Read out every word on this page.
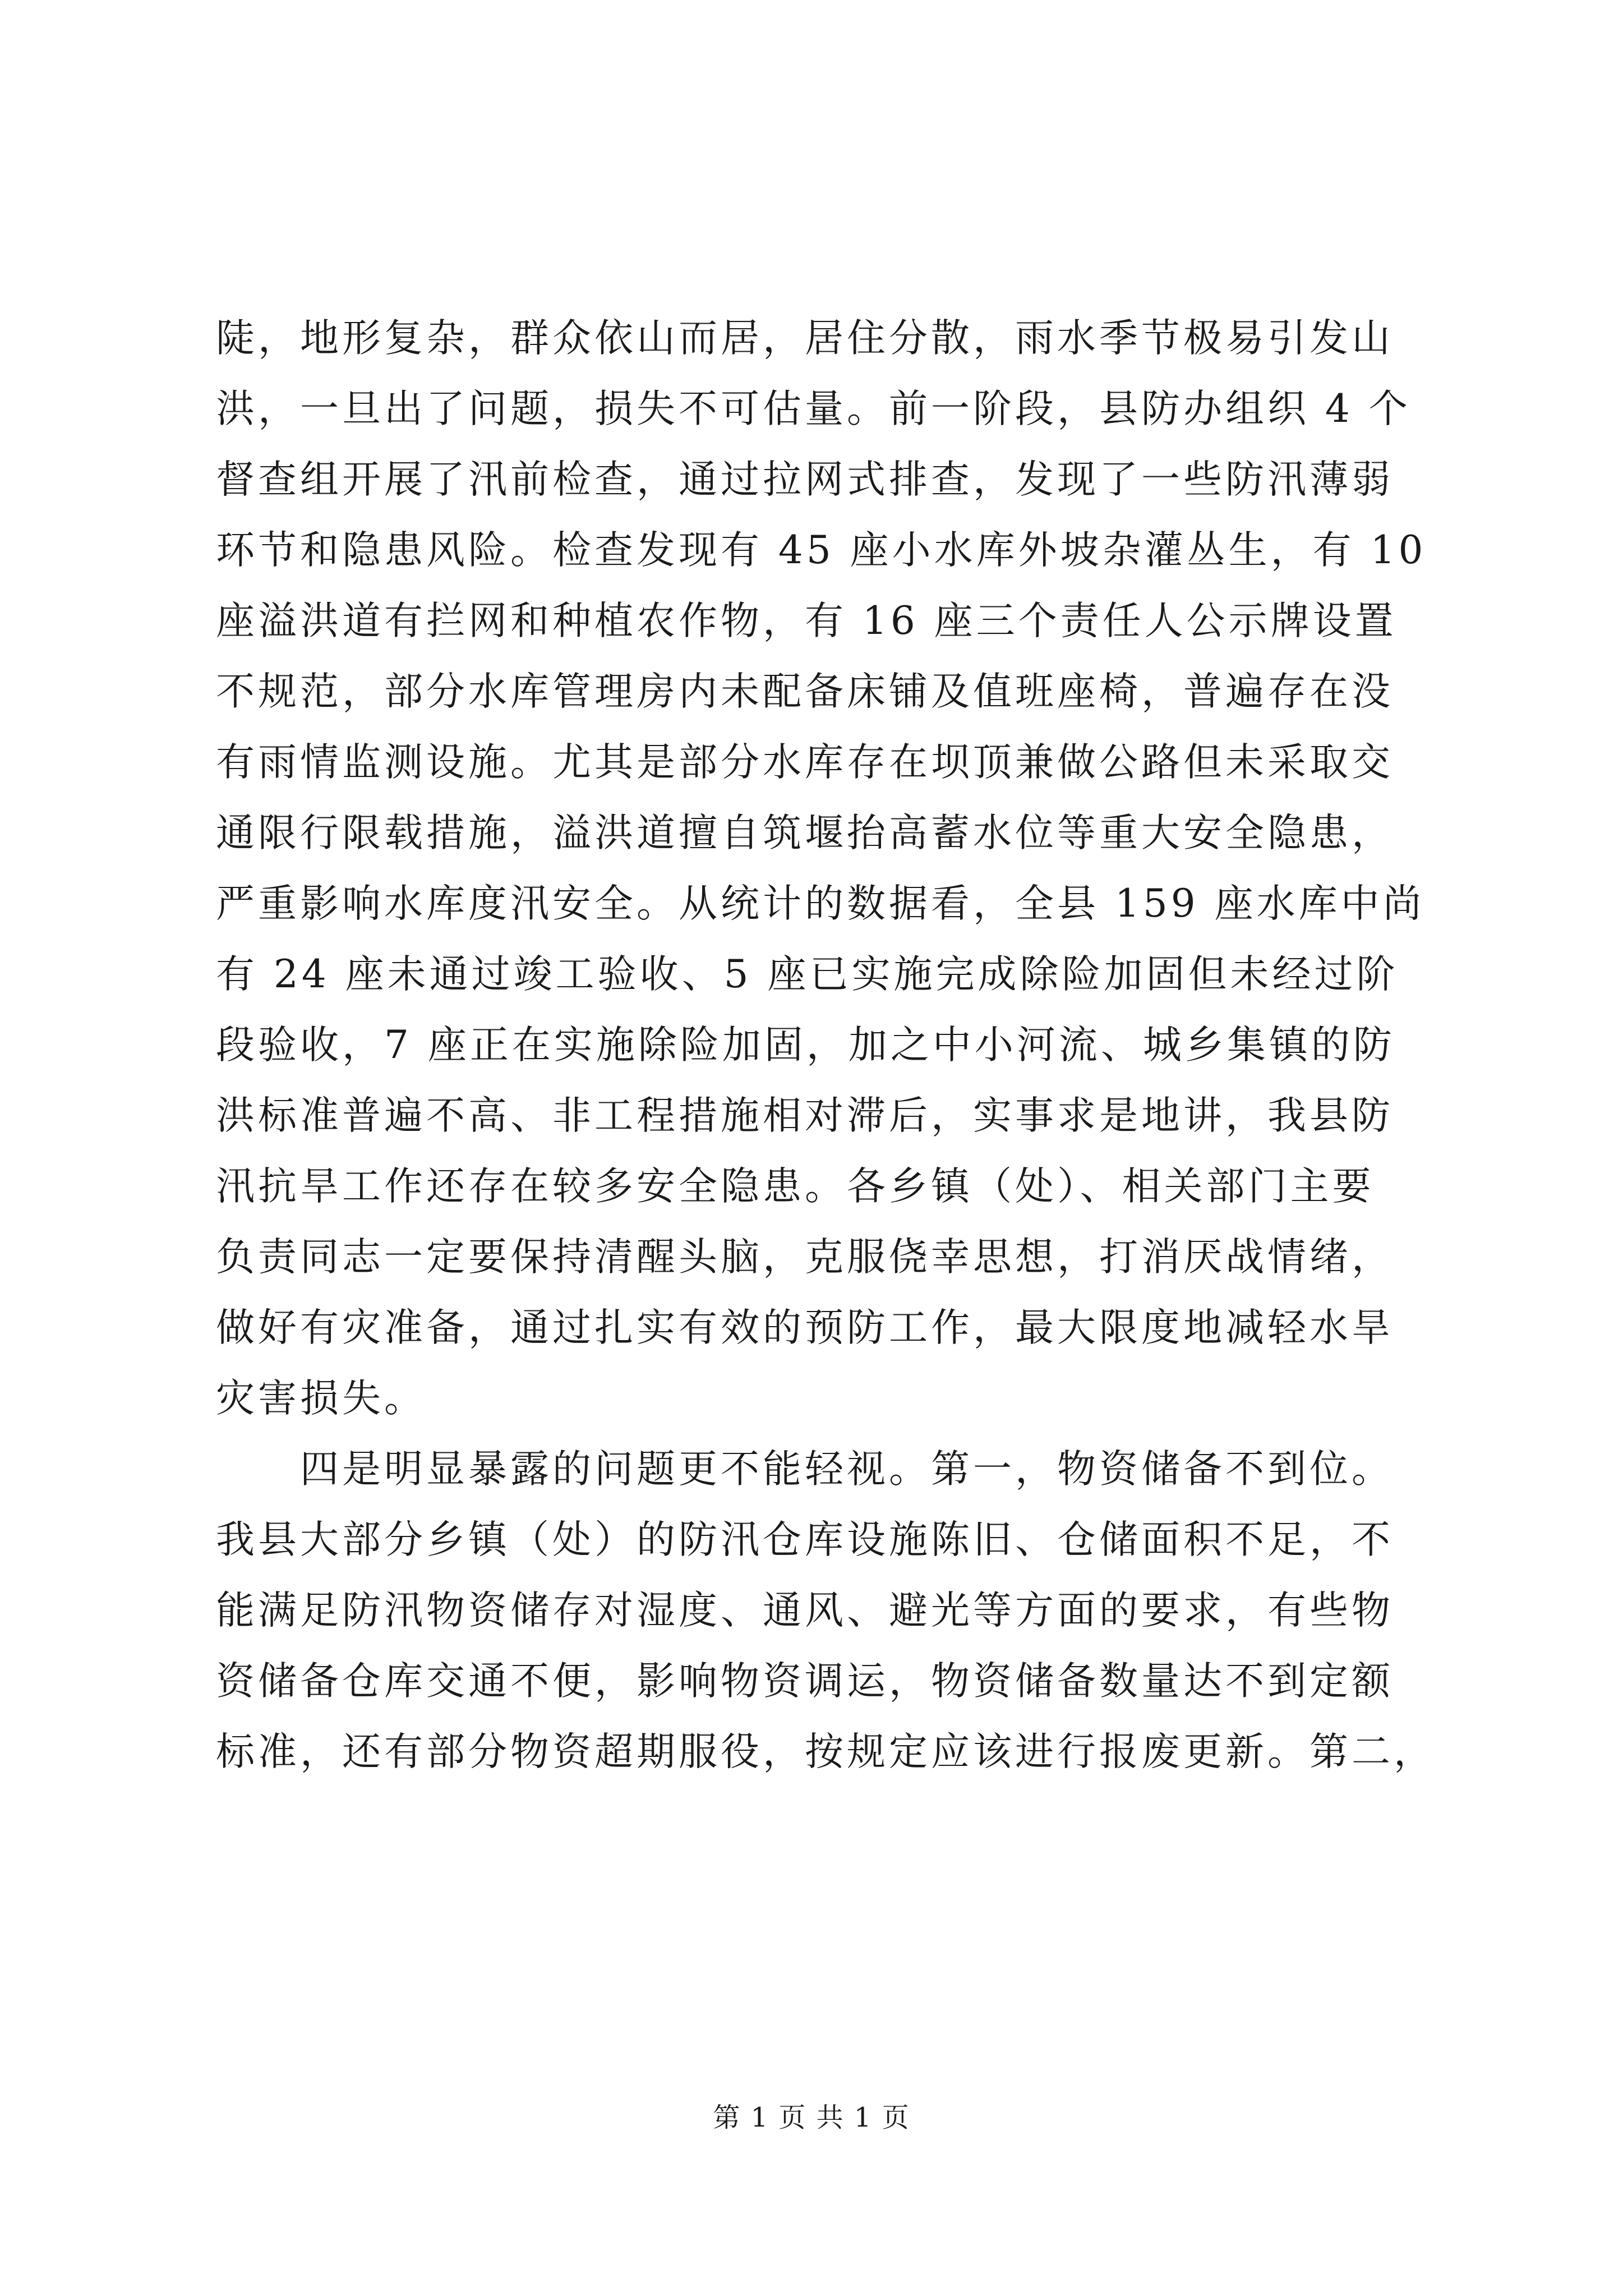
陡，地形复杂，群众依山而居，居住分散，雨水季节极易引发山
洪，一旦出了问题，损失不可估量。前一阶段，县防办组织 4 个
督查组开展了汛前检查，通过拉网式排查，发现了一些防汛薄弱
环节和隐患风险。检查发现有 45 座小水库外坡杂灌丛生，有 10
座溢洪道有拦网和种植农作物，有 16 座三个责任人公示牌设置
不规范，部分水库管理房内未配备床铺及值班座椅，普遍存在没
有雨情监测设施。尤其是部分水库存在坝顶兼做公路但未采取交
通限行限载措施，溢洪道擅自筑堰抬高蓄水位等重大安全隐患，
严重影响水库度汛安全。从统计的数据看，全县 159 座水库中尚
有 24 座未通过竣工验收、5 座已实施完成除险加固但未经过阶
段验收，7 座正在实施除险加固，加之中小河流、城乡集镇的防
洪标准普遍不高、非工程措施相对滞后，实事求是地讲，我县防
汛抗旱工作还存在较多安全隐患。各乡镇（处）、相关部门主要
负责同志一定要保持清醒头脑，克服侥幸思想，打消厌战情绪，
做好有灾准备，通过扎实有效的预防工作，最大限度地减轻水旱
灾害损失。

四是明显暴露的问题更不能轻视。第一，物资储备不到位。
我县大部分乡镇（处）的防汛仓库设施陈旧、仓储面积不足，不
能满足防汛物资储存对湿度、通风、避光等方面的要求，有些物
资储备仓库交通不便，影响物资调运，物资储备数量达不到定额
标准，还有部分物资超期服役，按规定应该进行报废更新。第二，

第 1 页 共 1 页
